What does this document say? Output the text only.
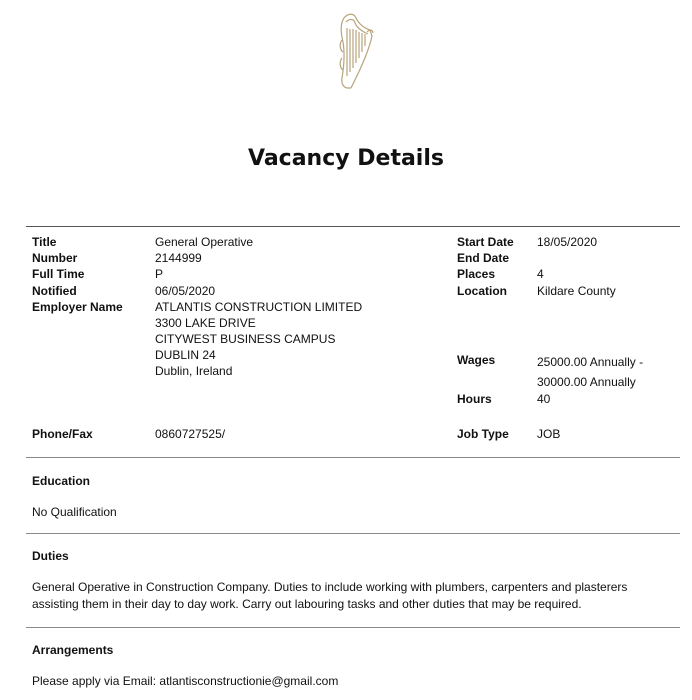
Vacancy Details
Title
Number
Full Time
Notified
Employer Name
Phone/Fax
General Operative
2144999
P
06/05/2020
ATLANTIS CONSTRUCTION LIMITED
3300 LAKE DRIVE
CITYWEST BUSINESS CAMPUS
DUBLIN 24
Dublin, Ireland
0860727525/
Start Date
End Date
Places
Location
Wages
Hours
Job Type
18/05/2020
4
Kildare County
25000.00 Annually -
30000.00 Annually
40
JOB
Education
No Qualification
Duties
General Operative in Construction Company. Duties to include working with plumbers, carpenters and plasterers assisting them in their day to day work. Carry out labouring tasks and other duties that may be required.
Arrangements
Please apply via Email: atlantisconstructionie@gmail.com
